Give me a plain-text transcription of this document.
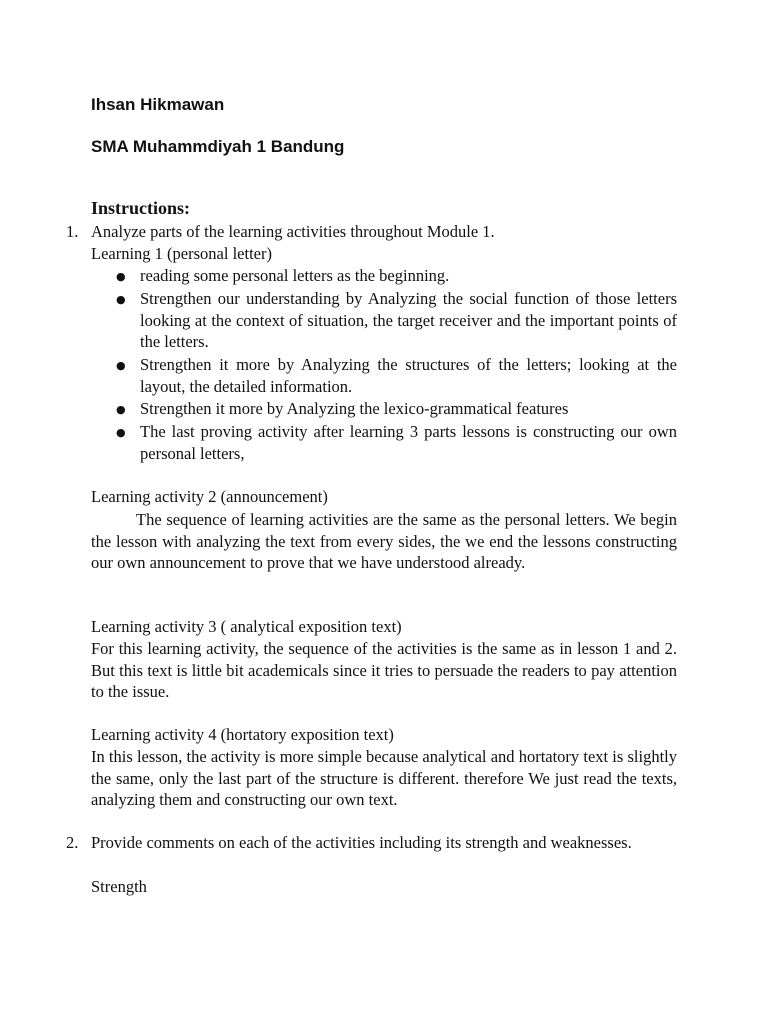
Ihsan Hikmawan
SMA Muhammdiyah 1 Bandung
Instructions:
1. Analyze parts of the learning activities throughout Module 1.
Learning 1 (personal letter)
● reading some personal letters as the beginning.
● Strengthen our understanding by Analyzing the social function of those letters looking at the context of situation, the target receiver and the important points of the letters.
● Strengthen it more by Analyzing the structures of the letters; looking at the layout, the detailed information.
● Strengthen it more by Analyzing the lexico-grammatical features
● The last proving activity after learning 3 parts lessons is constructing our own personal letters,
Learning activity 2 (announcement)
The sequence of learning activities are the same as the personal letters. We begin the lesson with analyzing the text from every sides, the we end the lessons constructing our own announcement to prove that we have understood already.
Learning activity 3 ( analytical exposition text)
For this learning activity, the sequence of the activities is the same as in lesson 1 and 2. But this text is little bit academicals since it tries to persuade the readers to pay attention to the issue.
Learning activity 4 (hortatory exposition text)
In this lesson, the activity is more simple because analytical and hortatory text is slightly the same, only the last part of the structure is different. therefore We just read the texts, analyzing them and constructing our own text.
2. Provide comments on each of the activities including its strength and weaknesses.
Strength
